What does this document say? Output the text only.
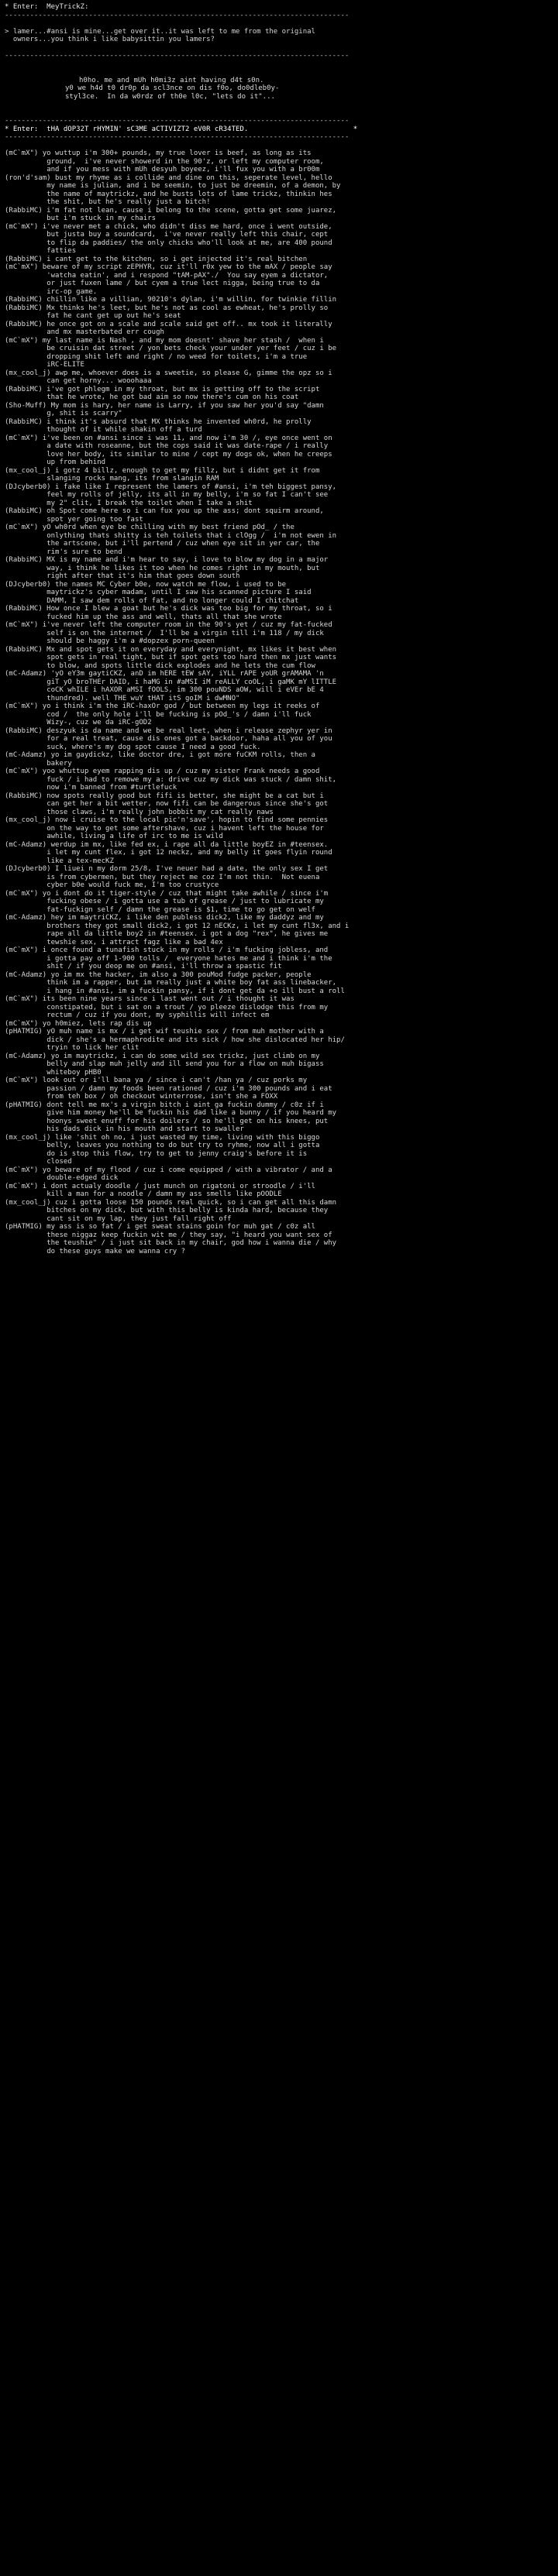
* Enter:  MeyTrickZ:
----------------------------------------------------------------------------------
> lamer...#ansi is mine...get over it..it was left to me from the original
owners...you think i like babysittin you lamers?
----------------------------------------------------------------------------------
h0ho. me and mUh h0mi3z aint having d4t s0n.
y0 we h4d t0 dr0p da scl3nce on dis f0o, do0dleb0y-
styl3ce.  In da w0rdz of th0e l0c, "lets do it"...
----------------------------------------------------------------------------------
* Enter:  tHA dOP32T rHYMIN' sC3ME aCTIVIZT2 eV0R cR34TED.                         *
----------------------------------------------------------------------------------
(mC`mX") yo wuttup i'm 300+ pounds, my true lover is beef, as long as its
ground,  i've never showerd in the 90'z, or left my computer room,
and if you mess with mUh desyuh boyeez, i'll fux you with a br00m
(ron'd'sam) bust my rhyme as i collide and dine on this, seperate level, hello
my name is julian, and i be seemin, to just be dreemin, of a demon, by
the name of maytrickz, and he busts lots of lame trickz, thinkin hes
the shit, but he's really just a bitch!
(RabbiMC) i'm fat not lean, cause i belong to the scene, gotta get some juarez,
but i'm stuck in my chairs
(mC`mX") i've never met a chick, who didn't diss me hard, once i went outside,
but justa buy a soundcard,  i've never really left this chair, cept
to flip da paddies/ the only chicks who'll look at me, are 400 pound
fatties
(RabbiMC) i cant get to the kitchen, so i get injected it's real bitchen
(mC`mX") beware of my script zEPHYR, cuz it'll r0x yew to the mAX / people say
'watcha eatin', and i respond "tAM-pAX"./  You say eyem a dictator,
or just fuxen lame / but cyem a true lect nigga, being true to da
irc-op game.
(RabbiMC) chillin like a villian, 90210's dylan, i'm willin, for twinkie fillin
(RabbiMC) Mx thinks he's leet, but he's not as cool as ewheat, he's prolly so
fat he cant get up out he's seat
(RabbiMC) he once got on a scale and scale said get off.. mx took it literally
and mx masterbated err cough
(mC`mX") my last name is Nash , and my mom doesnt' shave her stash /  when i
be cruisin dat street / yon bets check your under yer feet / cuz i be
dropping shit left and right / no weed for toilets, i'm a true
iRC-ELITE
(mx_cool_j) awp me, whoever does is a sweetie, so please G, gimme the opz so i
can get horny... wooohaaa
(RabbiMC) i've got phlegm in my throat, but mx is getting off to the script
that he wrote, he got bad aim so now there's cum on his coat
(Sho-Muff) My mom is hary, her name is Larry, if you saw her you'd say "damn
g, shit is scarry"
(RabbiMC) i think it's absurd that MX thinks he invented wh0rd, he prolly
thought of it while shakin off a turd
(mC`mX") i've been on #ansi since i was 11, and now i'm 30 /, eye once went on
a date with roseanne, but the cops said it was date-rape / i really
love her body, its similar to mine / cept my dogs ok, when he creeps
up from behind
(mx_cool_j) i gotz 4 billz, enough to get my fillz, but i didnt get it from
slanging rocks mang, its from slangin RAM
(DJcyberb0) i fake like I represent the lamers of #ansi, i'm teh biggest pansy,
feel my rolls of jelly, its all in my belly, i'm so fat I can't see
my 2" clit, I break the toilet when I take a shit
(RabbiMC) oh Spot come here so i can fux you up the ass; dont squirm around,
spot yer going too fast
(mC`mX") yO wh0rd when eye be chilling with my best friend pOd_ / the
onlything thats shitty is teh toilets that i clOgg /  i'm not ewen in
the artscene, but i'll pertend / cuz when eye sit in yer car, the
rim's sure to bend
(RabbiMC) MX is my name and i'm hear to say, i love to blow my dog in a major
way, i think he likes it too when he comes right in my mouth, but
right after that it's him that goes down south
(DJcyberb0) the names MC Cyber b0e, now watch me flow, i used to be
maytrickz's cyber madam, until I saw his scanned picture I said
DAMM, I saw dem rolls of fat, and no longer could I chitchat
(RabbiMC) How once I blew a goat but he's dick was too big for my throat, so i
fucked him up the ass and well, thats all that she wrote
(mC`mX") i've never left the computer room in the 90's yet / cuz my fat-fucked
self is on the internet /  I'll be a virgin till i'm 118 / my dick
should be haggy i'm a #dopzex porn-queen
(RabbiMC) Mx and spot gets it on everyday and everynight, mx likes it best when
spot gets in real tight, but if spot gets too hard then mx just wants
to blow, and spots little dick explodes and he lets the cum flow
(mC-Adamz) 'yO eY3m gaytiCKZ, anD im hERE tEW sAY, iYLL rAPE yoUR grAMAMA 'n
giT yO broTHEr DAID, i haMG in #aMSI iM reALLY coOL, i gaMK mY lITTLE
coCK whILE i hAXOR aMSI fOOLS, im 300 pouNDS aOW, will i eVEr bE 4
thundred). well THE wuY tHAT itS goIM i dwMNO"
(mC`mX") yo i think i'm the iRC-haxOr god / but between my legs it reeks of
cod /  the only hole i'll be fucking is pOd_'s / damn i'll fuck
Wizy-, cuz we da iRC-gOD2
(RabbiMC) deszyuk is da name and we be real leet, when i release zephyr yer in
for a real treat, cause dis ones got a backdoor, haha all you of you
suck, where's my dog spot cause I need a good fuck.
(mC-Adamz) yo im gaydickz, like doctor dre, i got more fuCKM rolls, then a
bakery
(mC`mX") yoo whuttup eyem rapping dis up / cuz my sister Frank needs a good
fuck / i had to remowe my a: drive cuz my dick was stuck / damn shit,
now i'm banned from #turtlefuck
(RabbiMC) now spots really good but fifi is better, she might be a cat but i
can get her a bit wetter, now fifi can be dangerous since she's got
those claws, i'm really john bobbit my cat really naws
(mx_cool_j) now i cruise to the local pic'n'save', hopin to find some pennies
on the way to get some aftershave, cuz i havent left the house for
awhile, living a life of irc to me is wild
(mC-Adamz) werdup im mx, like fed ex, i rape all da little boyEZ in #teensex.
i let my cunt flex, i got 12 neckz, and my belly it goes flyin round
like a tex-mecKZ
(DJcyberb0) I liuei n my dorm 25/8, I've neuer had a date, the only sex I get
is from cybermen, but they reject me coz I'm not thin.  Not euena
cyber b0e would fuck me, I'm too crustyce
(mC`mX") yo i dont do it tiger-style / cuz that might take awhile / since i'm
fucking obese / i gotta use a tub of grease / just to lubricate my
fat-fuckign self / damn the grease is $1, time to go get on welf
(mC-Adamz) hey im maytriCKZ, i like den publess dick2, like my daddyz and my
brothers they got small dick2, i got 12 nECKz, i let my cunt fl3x, and i
rape all da little boy2 in #teensex. i got a dog "rex", he gives me
tewshie sex, i attract fagz like a bad 4ex
(mC`mX") i once found a tunafish stuck in my rolls / i'm fucking jobless, and
i gotta pay off 1-900 tolls /  everyone hates me and i think i'm the
shit / if you deop me on #ansi, i'll throw a spastic fit
(mC-Adamz) yo im mx the hacker, im also a 300 pouMod fudge packer, people
think im a rapper, but im really just a white boy fat ass linebacker,
i hang in #ansi, im a fuckin pansy, if i dont get da +o ill bust a roll
(mC`mX") its been nine years since i last went out / i thought it was
constipated, but i sat on a trout / yo pleeze dislodge this from my
rectum / cuz if you dont, my syphillis will infect em
(mC`mX") yo h0miez, lets rap dis up
(pHATMIG) yO muh name is mx / i get wif teushie sex / from muh mother with a
dick / she's a hermaphrodite and its sick / how she dislocated her hip/
tryin to lick her clit
(mC-Adamz) yo im maytrickz, i can do some wild sex trickz, just climb on my
belly and slap muh jelly and ill send you for a flow on muh bigass
whiteboy pHB0
(mC`mX") look out or i'll bana ya / since i can't /han ya / cuz porks my
passion / damn my foods been rationed / cuz i'm 300 pounds and i eat
from teh box / oh checkout winterrose, isn't she a FOXX
(pHATMIG) dont tell me mx's a virgin bitch i aint ga fuckin dummy / c0z if i
give him money he'll be fuckin his dad like a bunny / if you heard my
hoonys sweet enuff for his doilers / so he'll get on his knees, put
his dads dick in his mouth and start to swaller
(mx_cool_j) like 'shit oh no, i just wasted my time, living with this biggo
belly, leaves you nothing to do but try to ryhme, now all i gotta
do is stop this flow, try to get to jenny craig's before it is
closed
(mC`mX") yo beware of my flood / cuz i come equipped / with a vibrator / and a
double-edged dick
(mC`mX") i dont actualy doodle / just munch on rigatoni or stroodle / i'll
kill a man for a noodle / damn my ass smells like pOODLE
(mx_cool_j) cuz i gotta loose 150 pounds real quick, so i can get all this damn
bitches on my dick, but with this belly is kinda hard, because they
cant sit on my lap, they just fall right off
(pHATMIG) my ass is so fat / i get sweat stains goin for muh gat / c0z all
these niggaz keep fuckin wit me / they say, "i heard you want sex of
the teushie" / i just sit back in my chair, god how i wanna die / why
do these guys make we wanna cry ?
